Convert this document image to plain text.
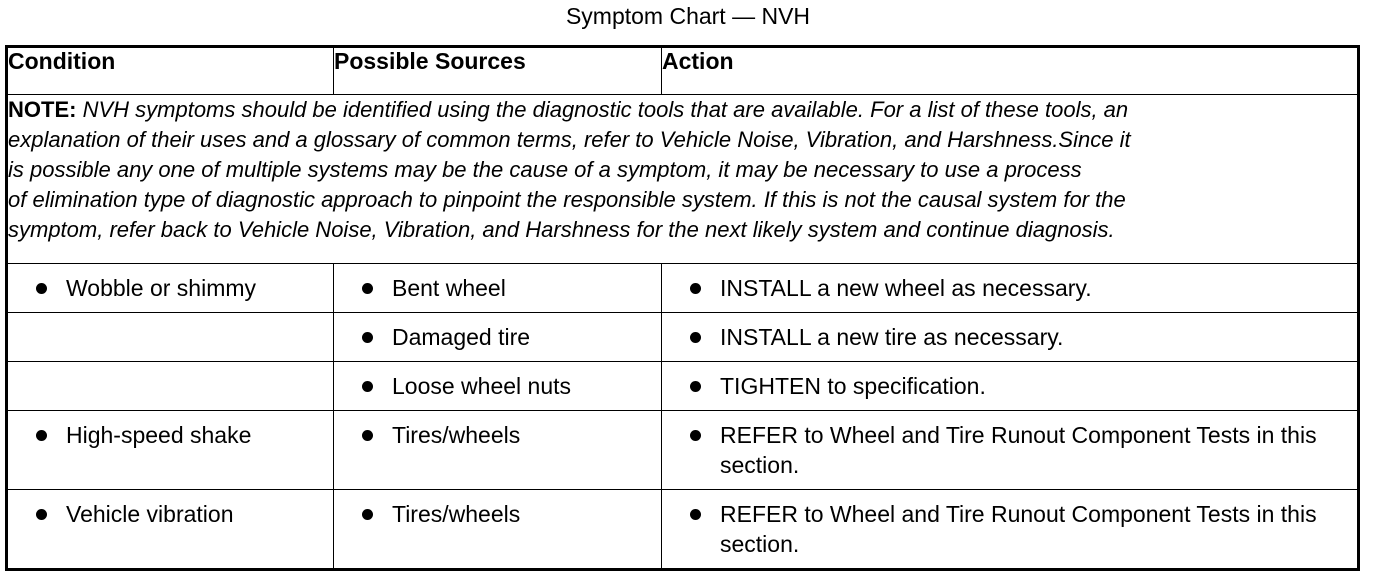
Symptom Chart — NVH
Condition	Possible Sources	Action
NOTE: NVH symptoms should be identified using the diagnostic tools that are available. For a list of these tools, an
explanation of their uses and a glossary of common terms, refer to Vehicle Noise, Vibration, and Harshness.Since it
is possible any one of multiple systems may be the cause of a symptom, it may be necessary to use a process
of elimination type of diagnostic approach to pinpoint the responsible system. If this is not the causal system for the
symptom, refer back to Vehicle Noise, Vibration, and Harshness for the next likely system and continue diagnosis.		

Wobble or shimmy	Bent wheel	INSTALL a new wheel as necessary.

	Damaged tire	INSTALL a new tire as necessary.

	Loose wheel nuts	TIGHTEN to specification.

High-speed shake	Tires/wheels	REFER to Wheel and Tire Runout Component Tests in this section.

Vehicle vibration	Tires/wheels	REFER to Wheel and Tire Runout Component Tests in this section.
